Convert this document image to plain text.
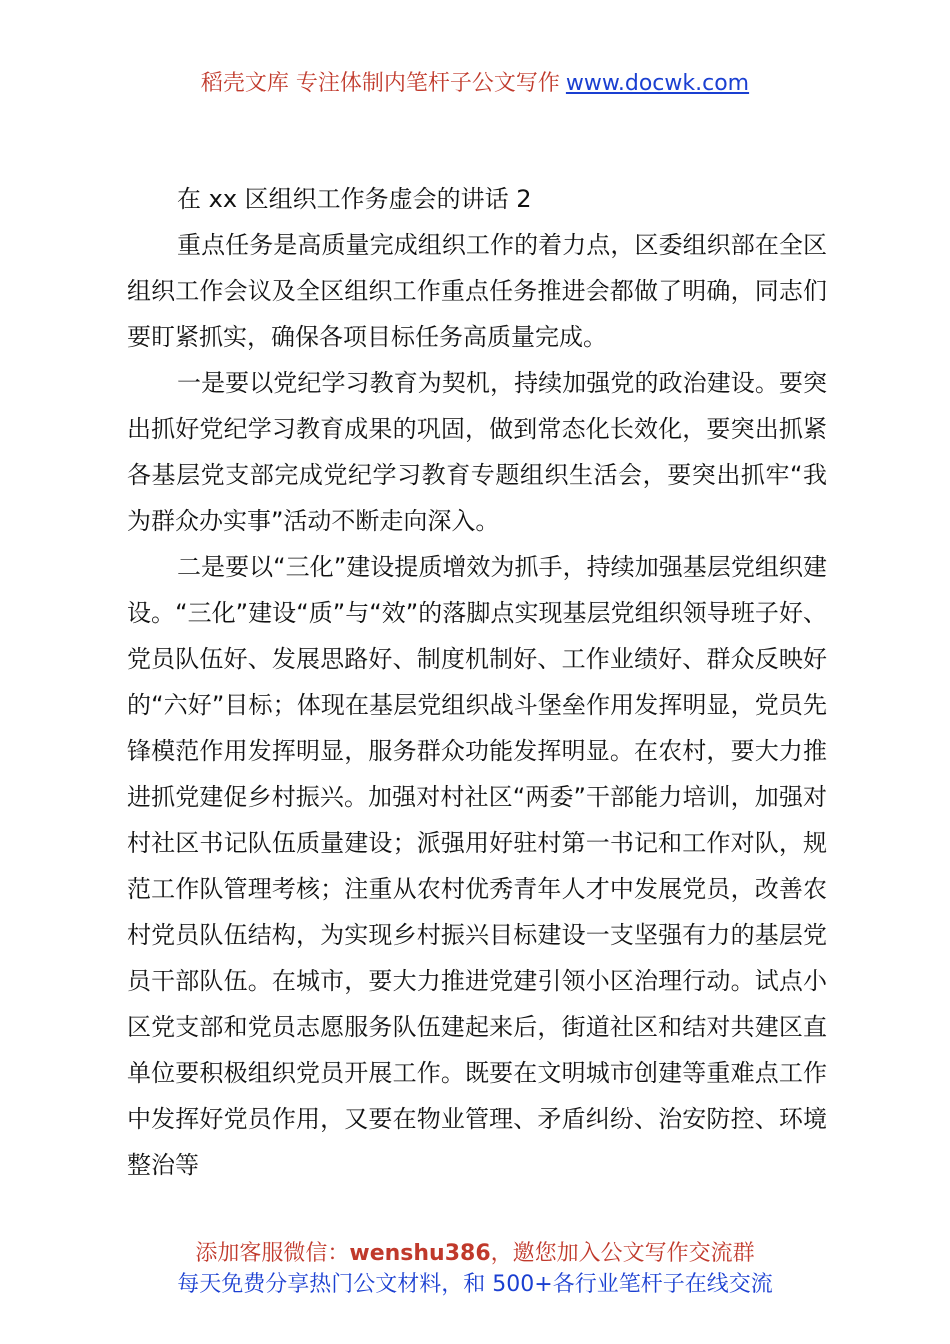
稻壳文库 专注体制内笔杆子公文写作 www.docwk.com

在 xx 区组织工作务虚会的讲话 2

重点任务是高质量完成组织工作的着力点，区委组织部在全区组织工作会议及全区组织工作重点任务推进会都做了明确，同志们要盯紧抓实，确保各项目标任务高质量完成。

一是要以党纪学习教育为契机，持续加强党的政治建设。要突出抓好党纪学习教育成果的巩固，做到常态化长效化，要突出抓紧各基层党支部完成党纪学习教育专题组织生活会，要突出抓牢“我为群众办实事”活动不断走向深入。

二是要以“三化”建设提质增效为抓手，持续加强基层党组织建设。“三化”建设“质”与“效”的落脚点实现基层党组织领导班子好、党员队伍好、发展思路好、制度机制好、工作业绩好、群众反映好的“六好”目标；体现在基层党组织战斗堡垒作用发挥明显，党员先锋模范作用发挥明显，服务群众功能发挥明显。在农村，要大力推进抓党建促乡村振兴。加强对村社区“两委”干部能力培训，加强对村社区书记队伍质量建设；派强用好驻村第一书记和工作对队，规范工作队管理考核；注重从农村优秀青年人才中发展党员，改善农村党员队伍结构，为实现乡村振兴目标建设一支坚强有力的基层党员干部队伍。在城市，要大力推进党建引领小区治理行动。试点小区党支部和党员志愿服务队伍建起来后，街道社区和结对共建区直单位要积极组织党员开展工作。既要在文明城市创建等重难点工作中发挥好党员作用，又要在物业管理、矛盾纠纷、治安防控、环境整治等

添加客服微信：wenshu386，邀您加入公文写作交流群
每天免费分享热门公文材料，和 500+各行业笔杆子在线交流
